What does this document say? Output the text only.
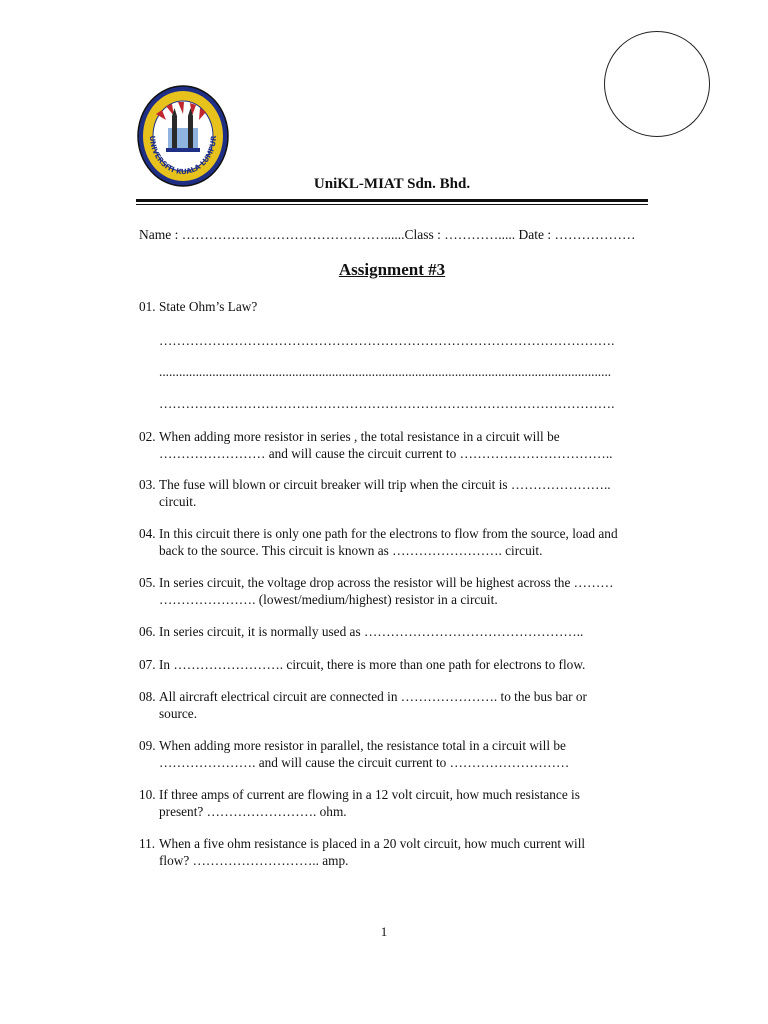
UNIVERSITI KUALA LUMPUR
UniKL-MIAT Sdn. Bhd.
Name : ………………………………………......Class : …………..... Date : ………………
Assignment #3
01. State Ohm’s Law?
………………………………………………………………………………………….
........................................................................................................................................
………………………………………………………………………………………….
02. When adding more resistor in series , the total resistance in a circuit will be
…………………… and will cause the circuit current to ……………………………..
03. The fuse will blown or circuit breaker will trip when the circuit is …………………..
circuit.
04. In this circuit there is only one path for the electrons to flow from the source, load and
back to the source. This circuit is known as ……………………. circuit.
05. In series circuit, the voltage drop across the resistor will be highest across the ………
…………………. (lowest/medium/highest) resistor in a circuit.
06. In series circuit, it is normally used as …………………………………………..
07. In ……………………. circuit, there is more than one path for electrons to flow.
08. All aircraft electrical circuit are connected in …………………. to the bus bar or
source.
09. When adding more resistor in parallel, the resistance total in a circuit will be
…………………. and will cause the circuit current to ………………………
10. If three amps of current are flowing in a 12 volt circuit, how much resistance is
present? ……………………. ohm.
11. When a five ohm resistance is placed in a 20 volt circuit, how much current will
flow? ……………………….. amp.
1
